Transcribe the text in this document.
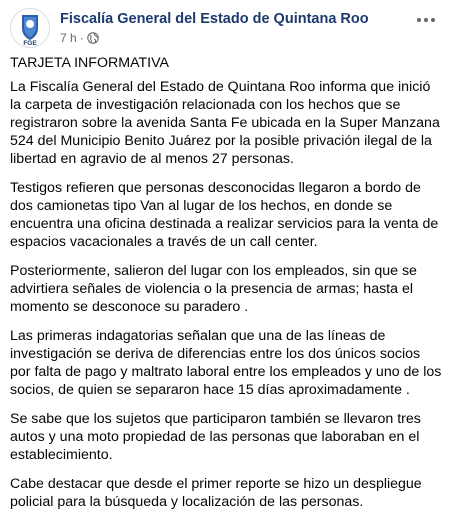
FGE
Fiscalía General del Estado de Quintana Roo
7 h ·

TARJETA INFORMATIVA

La Fiscalía General del Estado de Quintana Roo informa que inició la carpeta de investigación relacionada con los hechos que se registraron sobre la avenida Santa Fe ubicada en la Super Manzana 524 del Municipio Benito Juárez por la posible privación ilegal de la libertad en agravio de al menos 27 personas.

Testigos refieren que personas desconocidas llegaron a bordo de dos camionetas tipo Van al lugar de los hechos, en donde se encuentra una oficina destinada a realizar servicios para la venta de espacios vacacionales a través de un call center.

Posteriormente, salieron del lugar con los empleados, sin que se advirtiera señales de violencia o la presencia de armas; hasta el momento se desconoce su paradero .

Las primeras indagatorias señalan que una de las líneas de investigación se deriva de diferencias entre los dos únicos socios por falta de pago y maltrato laboral entre los empleados y uno de los socios, de quien se separaron hace 15 días aproximadamente .

Se sabe que los sujetos que participaron también se llevaron tres autos y una moto propiedad de las personas que laboraban en el establecimiento.

Cabe destacar que desde el primer reporte se hizo un despliegue policial para la búsqueda y localización de las personas.
